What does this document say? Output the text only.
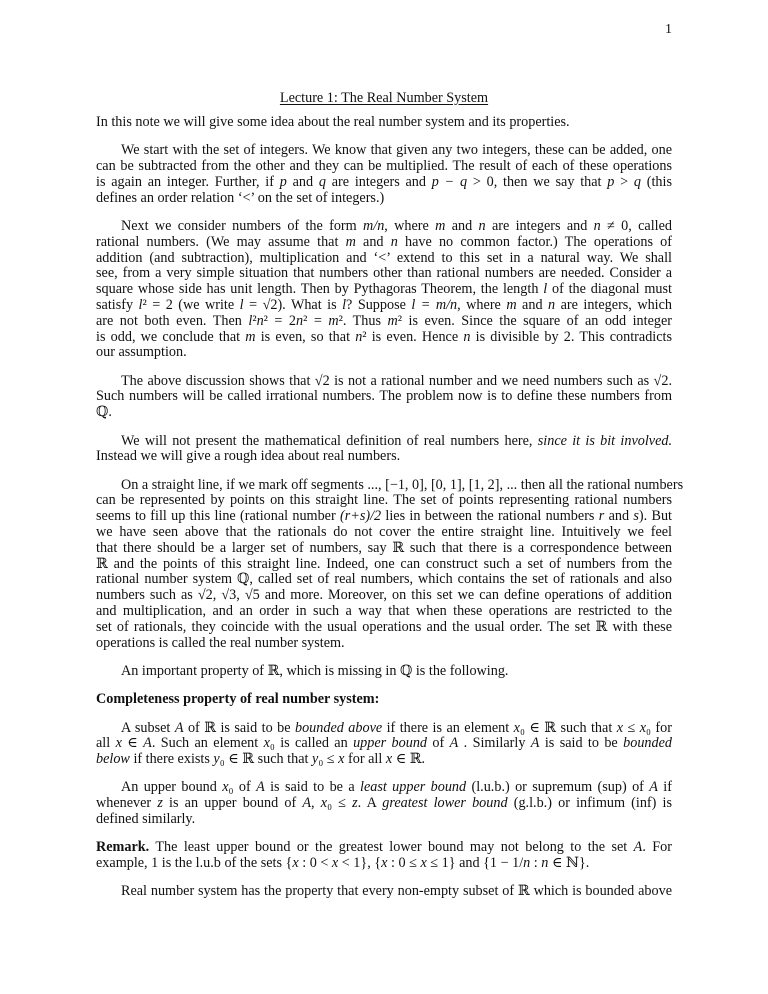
1
Lecture 1: The Real Number System
In this note we will give some idea about the real number system and its properties.
We start with the set of integers. We know that given any two integers, these can be added, one
can be subtracted from the other and they can be multiplied. The result of each of these operations
is again an integer. Further, if p and q are integers and p − q > 0, then we say that p > q (this
defines an order relation ‘<’ on the set of integers.)
Next we consider numbers of the form m/n, where m and n are integers and n ≠ 0, called
rational numbers. (We may assume that m and n have no common factor.) The operations of
addition (and subtraction), multiplication and ‘<’ extend to this set in a natural way. We shall
see, from a very simple situation that numbers other than rational numbers are needed. Consider a
square whose side has unit length. Then by Pythagoras Theorem, the length l of the diagonal must
satisfy l² = 2 (we write l = √2). What is l? Suppose l = m/n, where m and n are integers, which
are not both even. Then l²n² = 2n² = m². Thus m² is even. Since the square of an odd integer
is odd, we conclude that m is even, so that n² is even. Hence n is divisible by 2. This contradicts
our assumption.
The above discussion shows that √2 is not a rational number and we need numbers such as √2.
Such numbers will be called irrational numbers. The problem now is to define these numbers from
ℚ.
We will not present the mathematical definition of real numbers here, since it is bit involved.
Instead we will give a rough idea about real numbers.
On a straight line, if we mark off segments ..., [−1, 0], [0, 1], [1, 2], ... then all the rational numbers
can be represented by points on this straight line. The set of points representing rational numbers
seems to fill up this line (rational number (r+s)/2 lies in between the rational numbers r and s). But
we have seen above that the rationals do not cover the entire straight line. Intuitively we feel
that there should be a larger set of numbers, say ℝ such that there is a correspondence between
ℝ and the points of this straight line. Indeed, one can construct such a set of numbers from the
rational number system ℚ, called set of real numbers, which contains the set of rationals and also
numbers such as √2, √3, √5 and more. Moreover, on this set we can define operations of addition
and multiplication, and an order in such a way that when these operations are restricted to the
set of rationals, they coincide with the usual operations and the usual order. The set ℝ with these
operations is called the real number system.
An important property of ℝ, which is missing in ℚ is the following.
Completeness property of real number system:
A subset A of ℝ is said to be bounded above if there is an element x₀ ∈ ℝ such that x ≤ x₀ for
all x ∈ A. Such an element x₀ is called an upper bound of A . Similarly A is said to be bounded
below if there exists y₀ ∈ ℝ such that y₀ ≤ x for all x ∈ ℝ.
An upper bound x₀ of A is said to be a least upper bound (l.u.b.) or supremum (sup) of A if
whenever z is an upper bound of A, x₀ ≤ z. A greatest lower bound (g.l.b.) or infimum (inf) is
defined similarly.
Remark. The least upper bound or the greatest lower bound may not belong to the set A. For
example, 1 is the l.u.b of the sets {x : 0 < x < 1}, {x : 0 ≤ x ≤ 1} and {1 − 1/n : n ∈ ℕ}.
Real number system has the property that every non-empty subset of ℝ which is bounded above
